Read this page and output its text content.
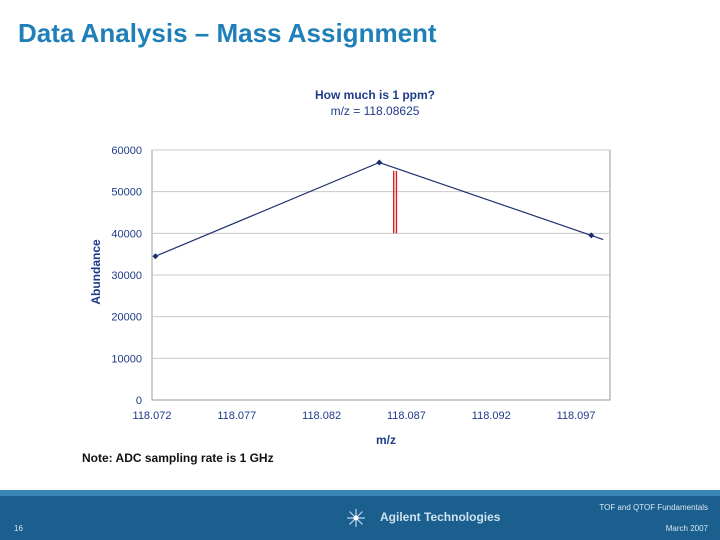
Data Analysis – Mass Assignment
How much is 1 ppm?
m/z = 118.08625
0
10000
20000
30000
40000
50000
60000
118.072	118.077	118.082	118.087	118.092	118.097
m/z
Abundance
Note: ADC sampling rate is 1 GHz
TOF and QTOF Fundamentals
16
Agilent Technologies
March 2007
